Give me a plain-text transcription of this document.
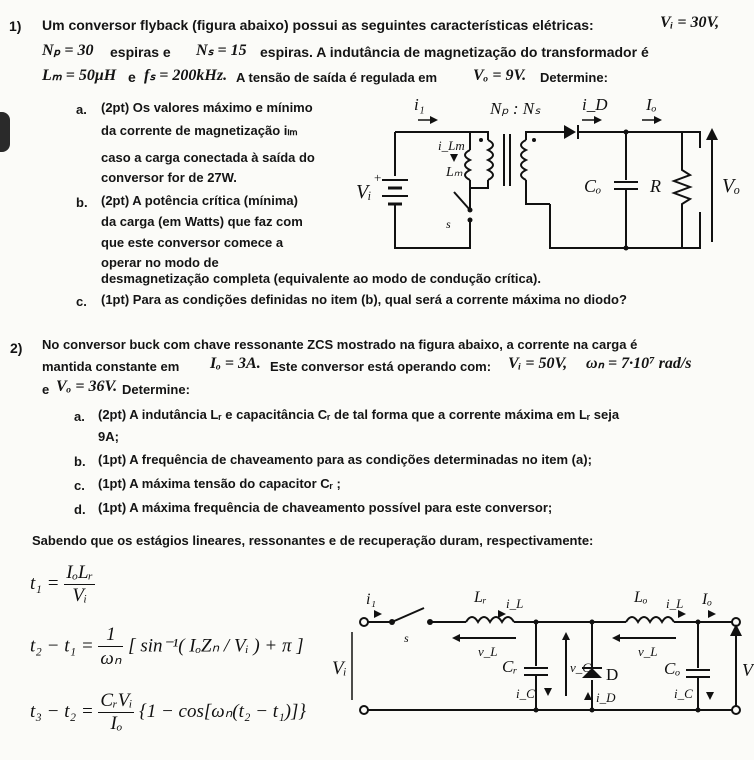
1) Um conversor flyback (figura abaixo) possui as seguintes características elétricas:	Vᵢ = 30V,
Nₚ = 30 espiras e Nₛ = 15 espiras. A indutância de magnetização do transformador é
Lₘ = 50μH e fₛ = 200kHz. A tensão de saída é regulada em Vₒ = 9V. Determine:
a. (2pt) Os valores máximo e mínimo
da corrente de magnetização iₗₘ
caso a carga conectada à saída do
conversor for de 27W.
b. (2pt) A potência crítica (mínima)
da carga (em Watts) que faz com
que este conversor comece a
operar no modo de
desmagnetização completa (equivalente ao modo de condução crítica).
c. (1pt) Para as condições definidas no item (b), qual será a corrente máxima no diodo?
i₁	Nₚ : Nₛ i_D Iₒ
i_Lm
Lₘ
Vᵢ
+
s
Cₒ	R	Vₒ
2) No conversor buck com chave ressonante ZCS mostrado na figura abaixo, a corrente na carga é
mantida constante em Iₒ = 3A. Este conversor está operando com: Vᵢ = 50V, ωₙ = 7·10⁷ rad/s
e Vₒ = 36V. Determine:
a. (2pt) A indutância Lᵣ e capacitância Cᵣ de tal forma que a corrente máxima em Lᵣ seja
9A;
b. (1pt) A frequência de chaveamento para as condições determinadas no item (a);
c. (1pt) A máxima tensão do capacitor Cᵣ ;
d. (1pt) A máxima frequência de chaveamento possível para este conversor;
Sabendo que os estágios lineares, ressonantes e de recuperação duram, respectivamente:
$t_1 = \frac{\text{IₒLᵣ}}{\text{Vᵢ}}$
$t_2 - t_1 = \frac{1}{\text{ωₙ}}$ [ sin⁻¹( IₒZₙ / Vᵢ ) + π ]
$t_3 - t_2 = \frac{\text{CᵣVᵢ}}{\text{Iₒ}} \{1 - \cos[\omega_n(t_2 - t_1)]\}$
i₁	Lᵣ i_L
v_L
s
Vᵢ	Cᵣ	v_C
i_C
D
i_D
Lₒ i_L
v_L
Iₒ
Cₒ
i_C
V
